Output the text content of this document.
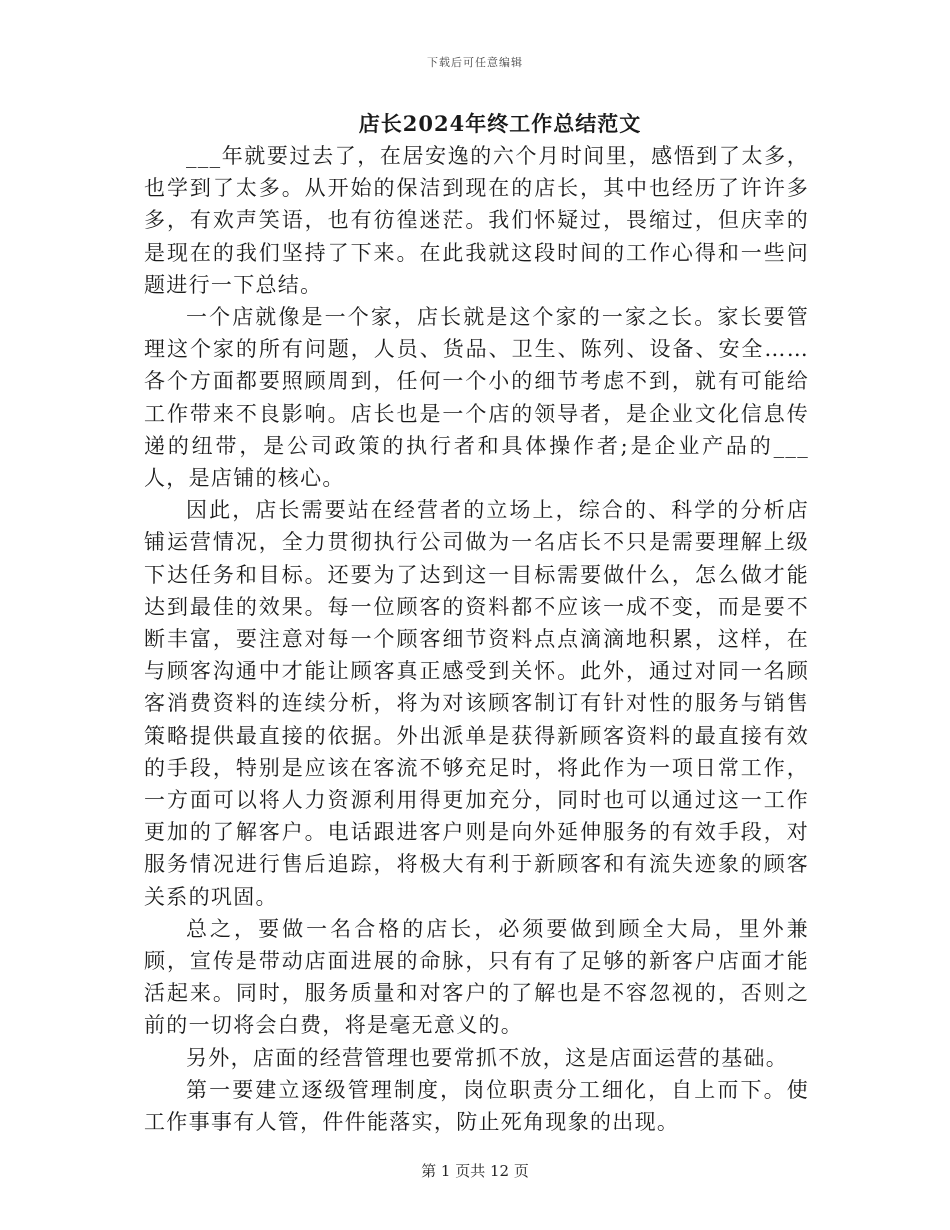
下载后可任意编辑
店长2024年终工作总结范文

___年就要过去了，在居安逸的六个月时间里，感悟到了太多，也学到了太多。从开始的保洁到现在的店长，其中也经历了许许多多，有欢声笑语，也有彷徨迷茫。我们怀疑过，畏缩过，但庆幸的是现在的我们坚持了下来。在此我就这段时间的工作心得和一些问题进行一下总结。

一个店就像是一个家，店长就是这个家的一家之长。家长要管理这个家的所有问题，人员、货品、卫生、陈列、设备、安全……各个方面都要照顾周到，任何一个小的细节考虑不到，就有可能给工作带来不良影响。店长也是一个店的领导者，是企业文化信息传递的纽带，是公司政策的执行者和具体操作者;是企业产品的___人，是店铺的核心。

因此，店长需要站在经营者的立场上，综合的、科学的分析店铺运营情况，全力贯彻执行公司做为一名店长不只是需要理解上级下达任务和目标。还要为了达到这一目标需要做什么，怎么做才能达到最佳的效果。每一位顾客的资料都不应该一成不变，而是要不断丰富，要注意对每一个顾客细节资料点点滴滴地积累，这样，在与顾客沟通中才能让顾客真正感受到关怀。此外，通过对同一名顾客消费资料的连续分析，将为对该顾客制订有针对性的服务与销售策略提供最直接的依据。外出派单是获得新顾客资料的最直接有效的手段，特别是应该在客流不够充足时，将此作为一项日常工作，一方面可以将人力资源利用得更加充分，同时也可以通过这一工作更加的了解客户。电话跟进客户则是向外延伸服务的有效手段，对服务情况进行售后追踪，将极大有利于新顾客和有流失迹象的顾客关系的巩固。

总之，要做一名合格的店长，必须要做到顾全大局，里外兼顾，宣传是带动店面进展的命脉，只有有了足够的新客户店面才能活起来。同时，服务质量和对客户的了解也是不容忽视的，否则之前的一切将会白费，将是毫无意义的。

另外，店面的经营管理也要常抓不放，这是店面运营的基础。

第一要建立逐级管理制度，岗位职责分工细化，自上而下。使工作事事有人管，件件能落实，防止死角现象的出现。

第 1 页共 12 页
